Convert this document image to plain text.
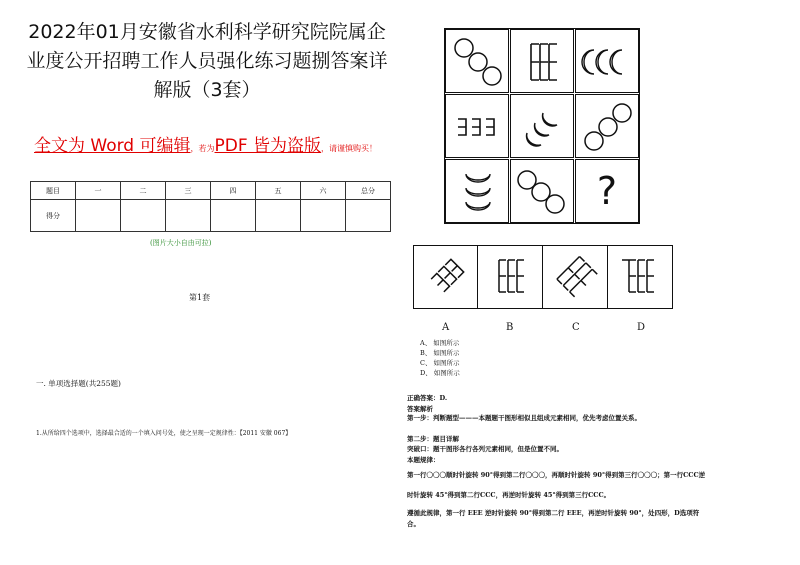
2022年01月安徽省水利科学研究院院属企
业度公开招聘工作人员强化练习题捌答案详
解版（3套）
全文为 Word 可编辑，若为PDF 皆为盗版，请谨慎购买！
题目	一	二	三	四	五	六	总分
得分							
(图片大小自由可拉)
第1套
一. 单项选择题(共255题)
1.从所给四个选项中，选择最合适的一个填入问号处，使之呈现一定规律性：【2011 安徽 067】
?
A	B	C	D
A、 如图所示
B、 如图所示
C、 如图所示
D、 如图所示
正确答案：D.
答案解析
第一步：判断题型———本题题干图形相似且组成元素相同，优先考虑位置关系。
第二步：题目详解
突破口：题干图形各行各列元素相同，但是位置不同。
本题规律：
第一行〇〇〇顺时针旋转 90°得到第二行〇〇〇，再顺时针旋转 90°得到第三行〇〇〇；第一行CCC逆
时针旋转 45°得到第二行CCC，再逆时针旋转 45°得到第三行CCC。
遵循此规律，第一行 EEE 逆时针旋转 90°得到第二行 EEE，再逆时针旋转 90°，处四形，D选项符
合。
